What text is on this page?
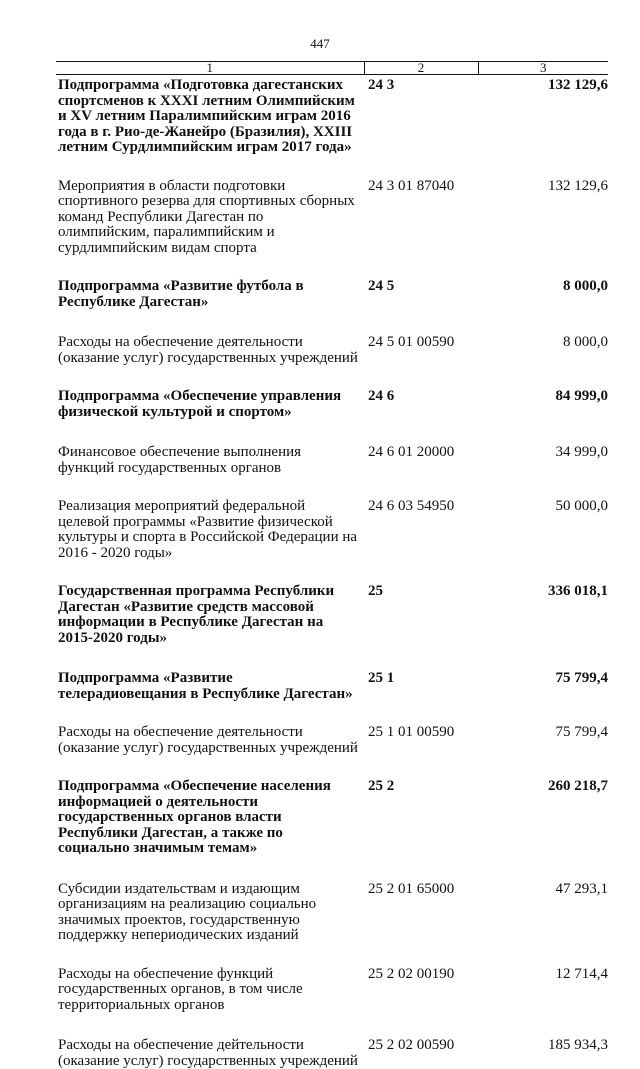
447
1	2	3
Подпрограмма «Подготовка дагестанских спортсменов к XXXI летним Олимпийским и XV летним Паралимпийским играм 2016 года в г. Рио-де-Жанейро (Бразилия), XXIII летним Сурдлимпийским играм 2017 года»	24 3	132 129,6
Мероприятия в области подготовки спортивного резерва для спортивных сборных команд Республики Дагестан по олимпийским, паралимпийским и сурдлимпийским видам спорта	24 3 01 87040	132 129,6
Подпрограмма «Развитие футбола в Республике Дагестан»	24 5	8 000,0
Расходы на обеспечение деятельности (оказание услуг) государственных учреждений	24 5 01 00590	8 000,0
Подпрограмма «Обеспечение управления физической культурой и спортом»	24 6	84 999,0
Финансовое обеспечение выполнения функций государственных органов	24 6 01 20000	34 999,0
Реализация мероприятий федеральной целевой программы «Развитие физической культуры и спорта в Российской Федерации на 2016 - 2020 годы»	24 6 03 54950	50 000,0
Государственная программа Республики Дагестан «Развитие средств массовой информации в Республике Дагестан на 2015-2020 годы»	25	336 018,1
Подпрограмма «Развитие телерадиовещания в Республике Дагестан»	25 1	75 799,4
Расходы на обеспечение деятельности (оказание услуг) государственных учреждений	25 1 01 00590	75 799,4
Подпрограмма «Обеспечение населения информацией о деятельности государственных органов власти Республики Дагестан, а также по социально значимым темам»	25 2	260 218,7
Субсидии издательствам и издающим организациям на реализацию социально значимых проектов, государственную поддержку непериодических изданий	25 2 01 65000	47 293,1
Расходы на обеспечение функций государственных органов, в том числе территориальных органов	25 2 02 00190	12 714,4
Расходы на обеспечение дейтельности (оказание услуг) государственных учреждений	25 2 02 00590	185 934,3
